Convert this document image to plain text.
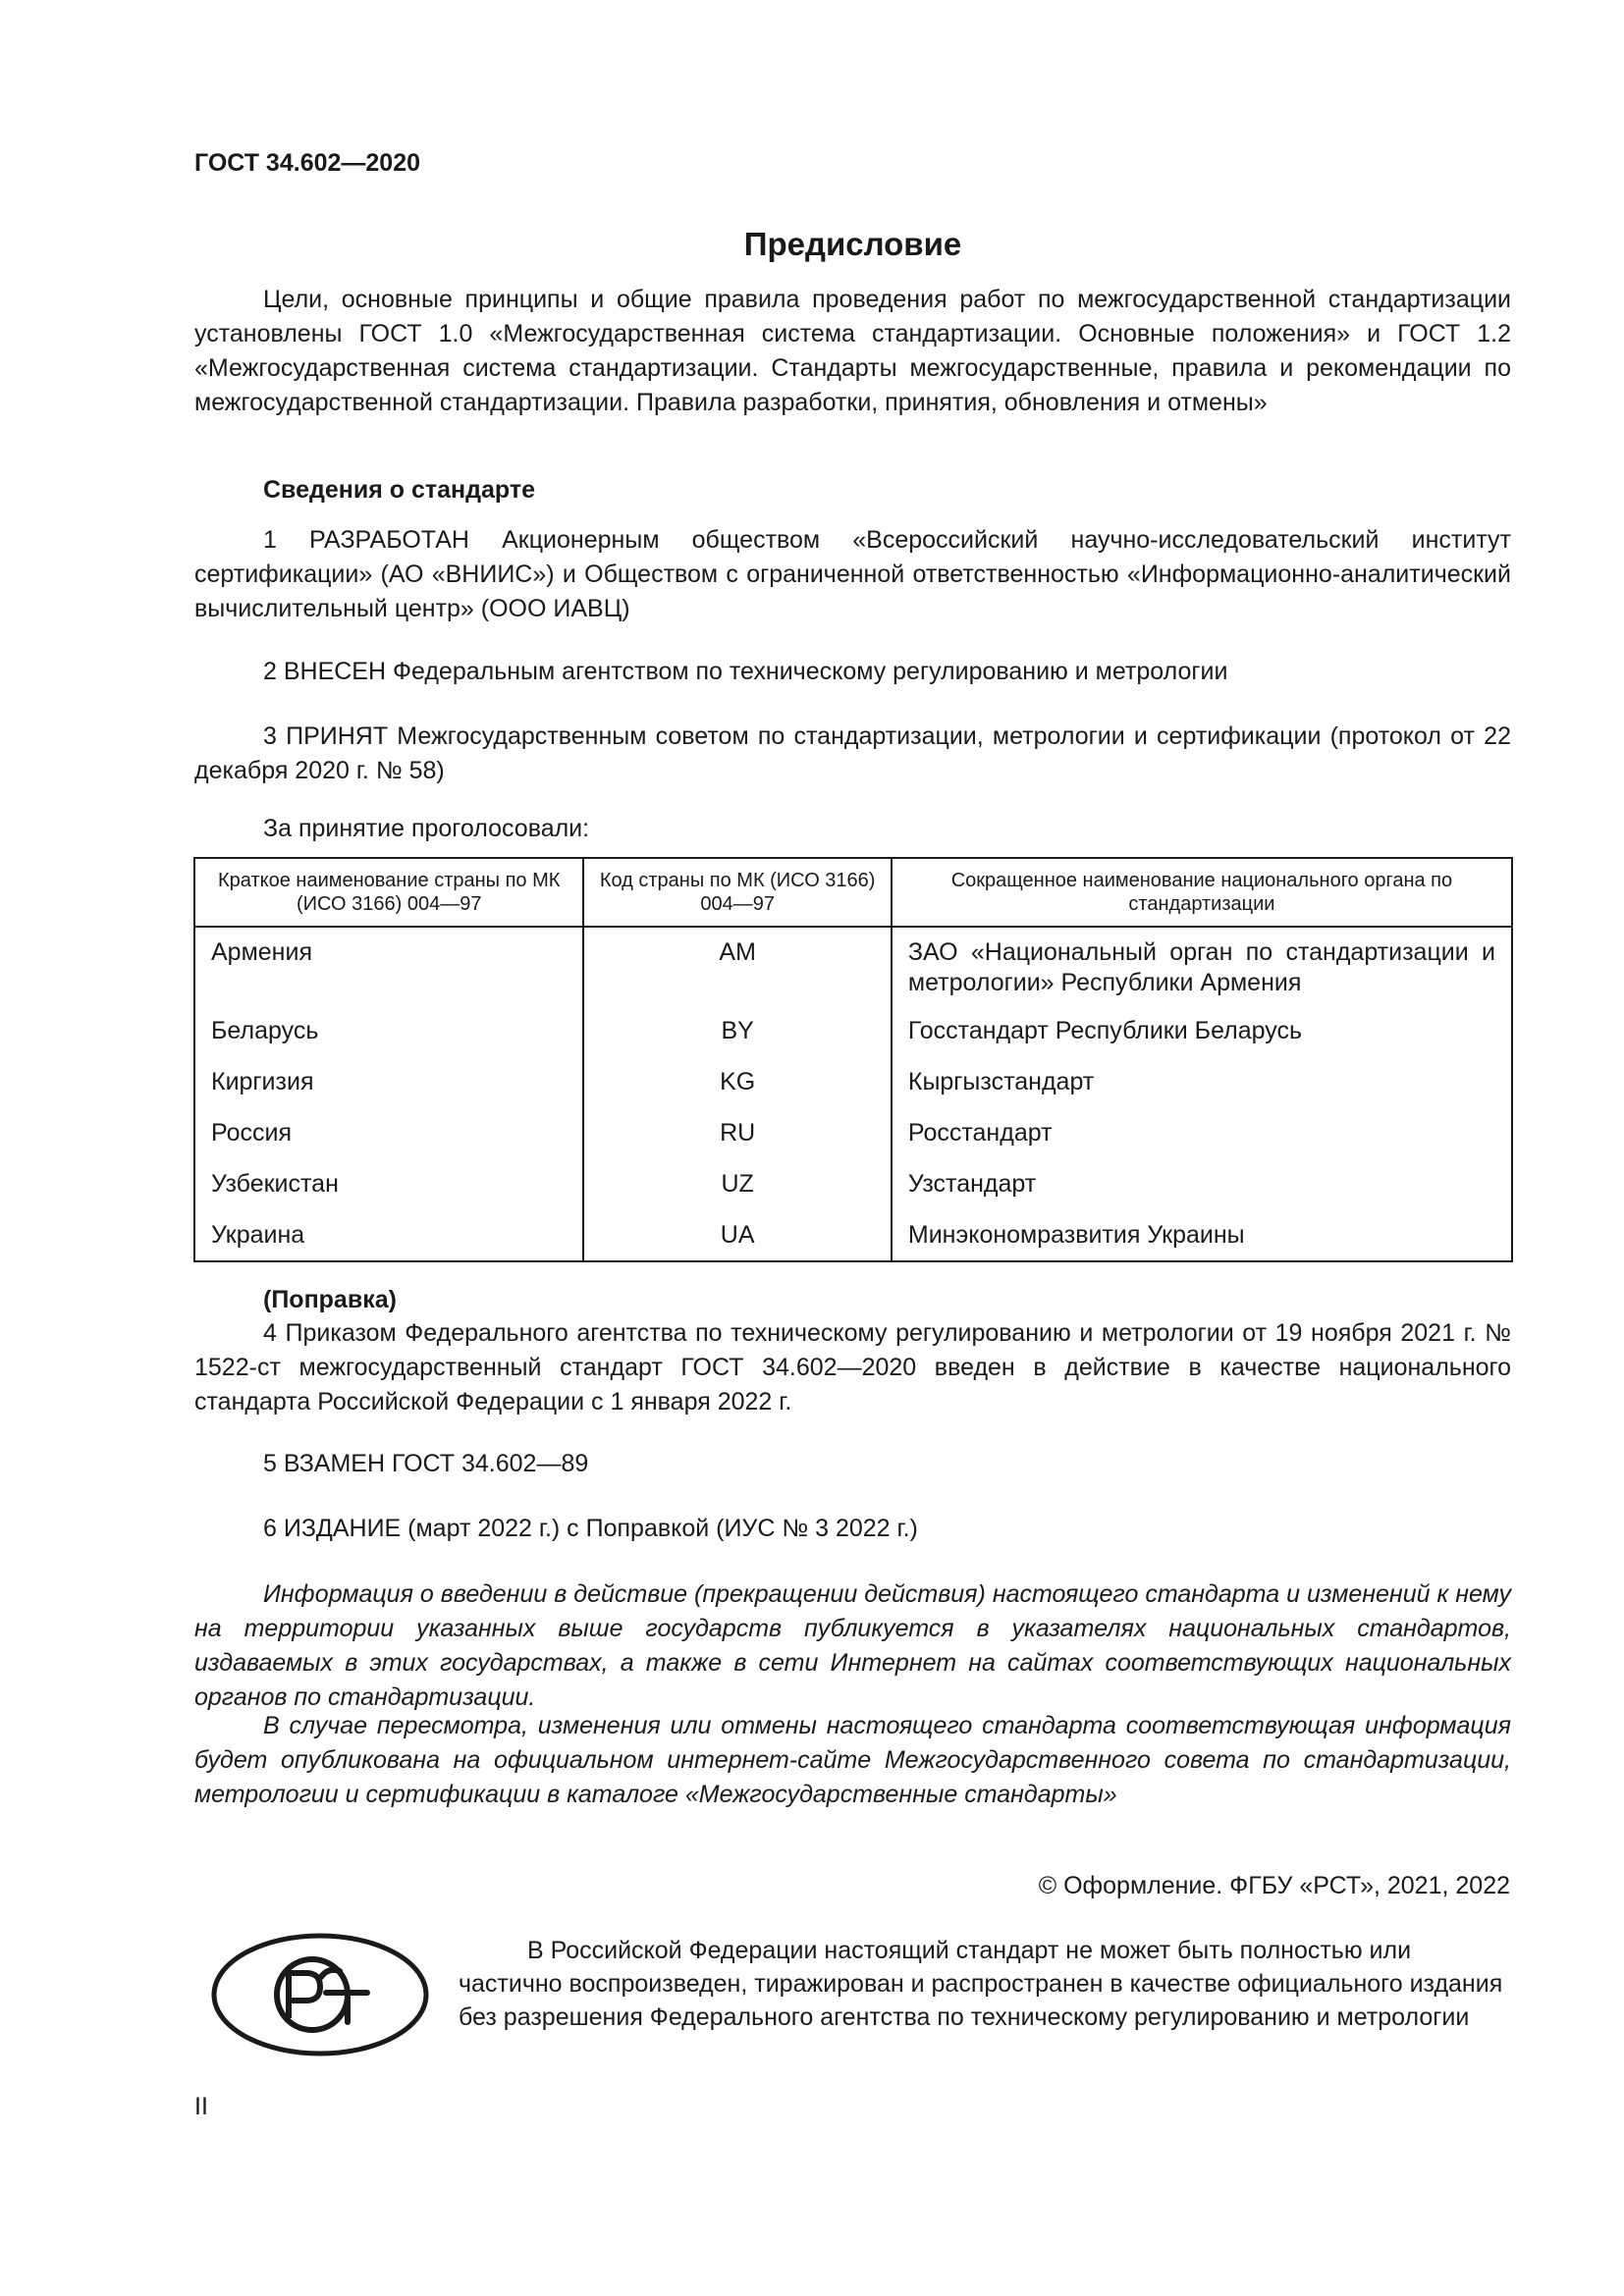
ГОСТ 34.602—2020
Предисловие
Цели, основные принципы и общие правила проведения работ по межгосударственной стандартизации установлены ГОСТ 1.0 «Межгосударственная система стандартизации. Основные положения» и ГОСТ 1.2 «Межгосударственная система стандартизации. Стандарты межгосударственные, правила и рекомендации по межгосударственной стандартизации. Правила разработки, принятия, обновления и отмены»
Сведения о стандарте
1 РАЗРАБОТАН Акционерным обществом «Всероссийский научно-исследовательский институт сертификации» (АО «ВНИИС») и Обществом с ограниченной ответственностью «Информационно-аналитический вычислительный центр» (ООО ИАВЦ)
2 ВНЕСЕН Федеральным агентством по техническому регулированию и метрологии
3 ПРИНЯТ Межгосударственным советом по стандартизации, метрологии и сертификации (протокол от 22 декабря 2020 г. № 58)
За принятие проголосовали:
Краткое наименование страны по МК (ИСО 3166) 004—97	Код страны по МК (ИСО 3166) 004—97	Сокращенное наименование национального органа по стандартизации
Армения	AM	ЗАО «Национальный орган по стандартизации и метрологии» Республики Армения
Беларусь	BY	Госстандарт Республики Беларусь
Киргизия	KG	Кыргызстандарт
Россия	RU	Росстандарт
Узбекистан	UZ	Узстандарт
Украина	UA	Минэкономразвития Украины
(Поправка)
4 Приказом Федерального агентства по техническому регулированию и метрологии от 19 ноября 2021 г. № 1522-ст межгосударственный стандарт ГОСТ 34.602—2020 введен в действие в качестве национального стандарта Российской Федерации с 1 января 2022 г.
5 ВЗАМЕН ГОСТ 34.602—89
6 ИЗДАНИЕ (март 2022 г.) с Поправкой (ИУС № 3 2022 г.)
Информация о введении в действие (прекращении действия) настоящего стандарта и изменений к нему на территории указанных выше государств публикуется в указателях национальных стандартов, издаваемых в этих государствах, а также в сети Интернет на сайтах соответствующих национальных органов по стандартизации.
В случае пересмотра, изменения или отмены настоящего стандарта соответствующая информация будет опубликована на официальном интернет-сайте Межгосударственного совета по стандартизации, метрологии и сертификации в каталоге «Межгосударственные стандарты»
© Оформление. ФГБУ «РСТ», 2021, 2022
В Российской Федерации настоящий стандарт не может быть полностью или частично воспроизведен, тиражирован и распространен в качестве официального издания без разрешения Федерального агентства по техническому регулированию и метрологии
II
